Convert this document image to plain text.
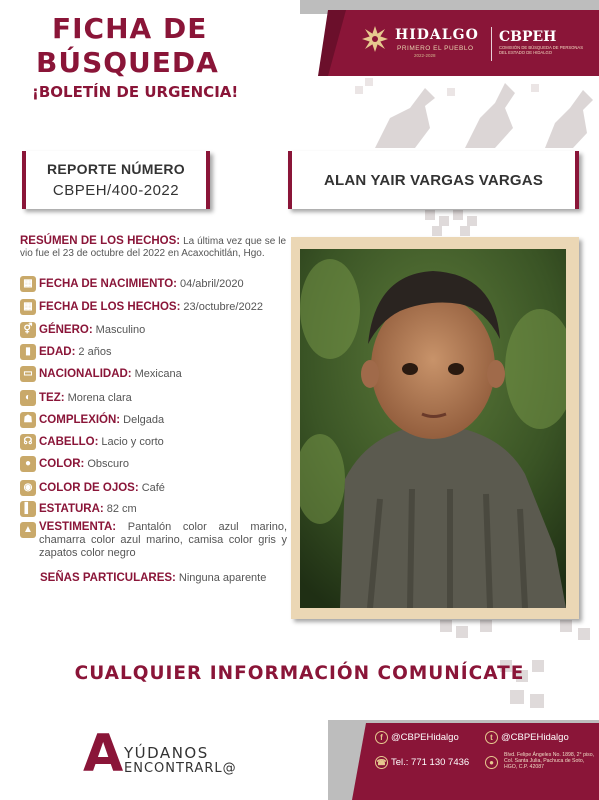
FICHA DE
BÚSQUEDA
¡BOLETÍN DE URGENCIA!
HIDALGO
PRIMERO EL PUEBLO
2022-2028
CBPEH
COMISIÓN DE BÚSQUEDA DE PERSONAS DEL ESTADO DE HIDALGO
REPORTE NÚMERO
CBPEH/400-2022
ALAN YAIR VARGAS VARGAS
RESÚMEN DE LOS HECHOS: La última vez que se le vio fue el 23 de octubre del 2022 en Acaxochitlán, Hgo.
▦ FECHA DE NACIMIENTO: 04/abril/2020
▦ FECHA DE LOS HECHOS: 23/octubre/2022
⚥ GÉNERO: Masculino
▮ EDAD: 2 años
▭ NACIONALIDAD: Mexicana
◐ TEZ: Morena clara
☗ COMPLEXIÓN: Delgada
☊ CABELLO: Lacio y corto
● COLOR: Obscuro
◉ COLOR DE OJOS: Café
▌ ESTATURA: 82 cm
▲ VESTIMENTA: Pantalón color azul marino, chamarra color azul marino, camisa color gris y zapatos color negro
SEÑAS PARTICULARES: Ninguna aparente
CUALQUIER INFORMACIÓN COMUNÍCATE
A YÚDANOS
ENCONTRARL@
f @CBPEHidalgo	t @CBPEHidalgo
☎ Tel.: 771 130 7436	●
Blvd. Felipe Ángeles No. 1898, 2° piso, Col. Santa Julia, Pachuca de Soto, HGO, C.P. 42087
